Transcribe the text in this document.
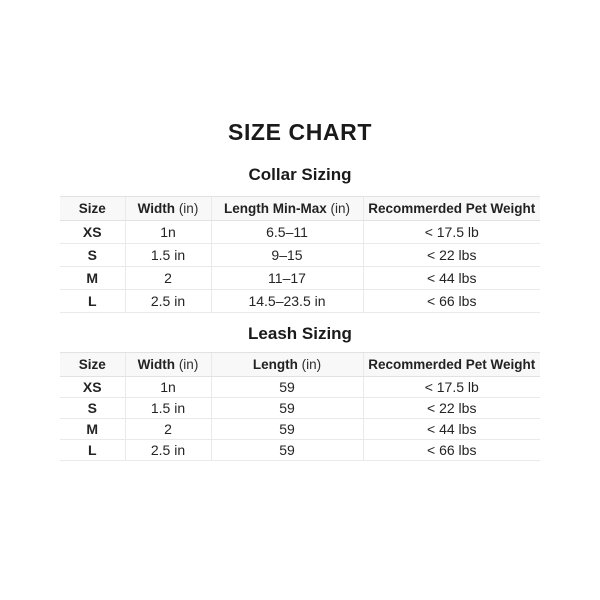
SIZE CHART
Collar Sizing
Size	Width (in)	Length Min-Max (in)	Recommerded Pet Weight
XS	1n	6.5–11	< 17.5 lb
S	1.5 in	9–15	< 22 lbs
M	2	11–17	< 44 lbs
L	2.5 in	14.5–23.5 in	< 66 lbs
Leash Sizing
Size	Width (in)	Length (in)	Recommerded Pet Weight
XS	1n	59	< 17.5 lb
S	1.5 in	59	< 22 lbs
M	2	59	< 44 lbs
L	2.5 in	59	< 66 lbs
